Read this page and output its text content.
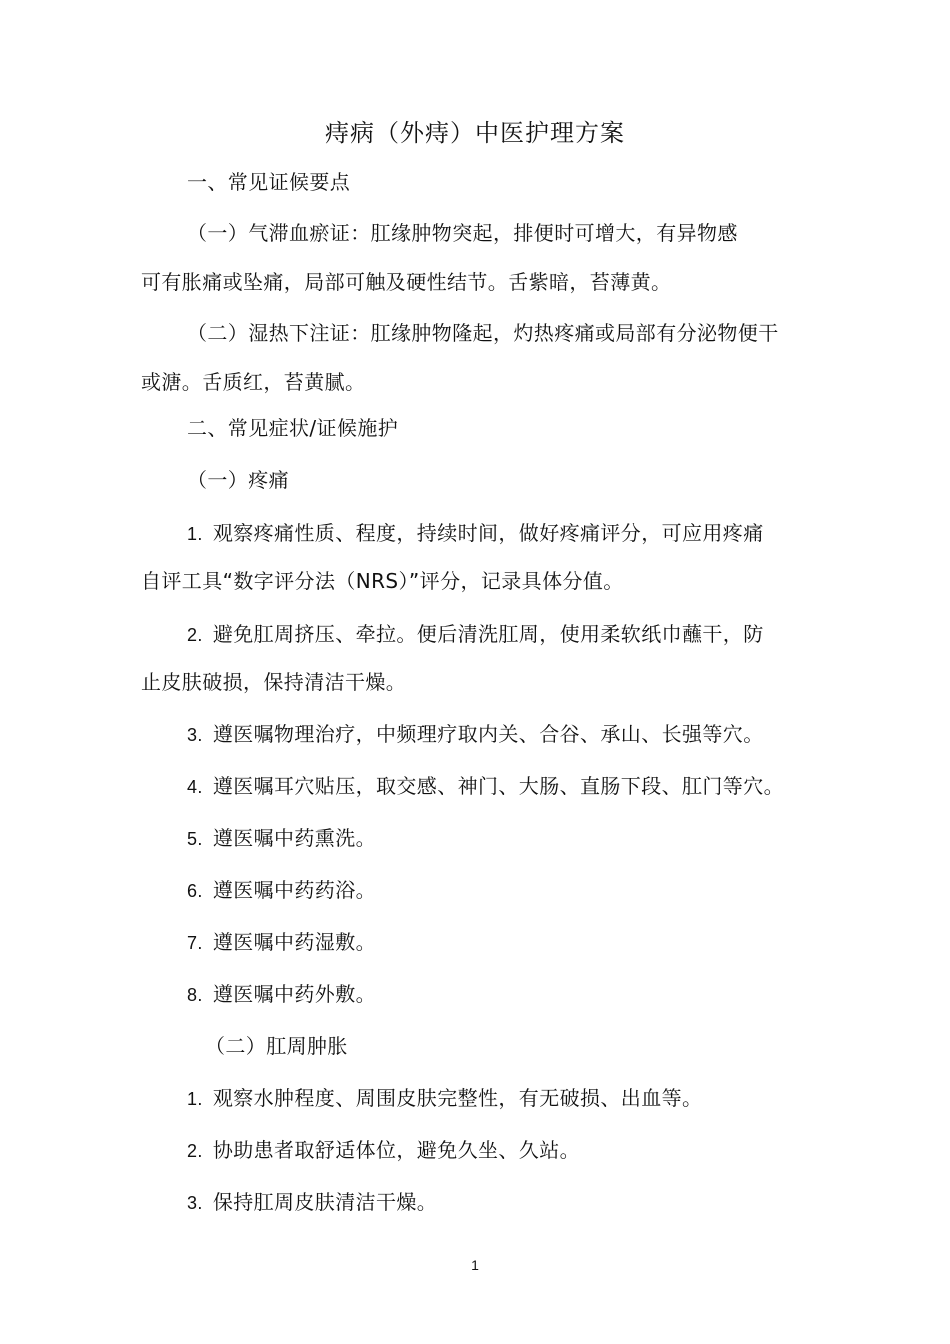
痔病（外痔）中医护理方案
一、常见证候要点
（一）气滞血瘀证：肛缘肿物突起，排便时可增大，有异物感
可有胀痛或坠痛，局部可触及硬性结节。舌紫暗，苔薄黄。
（二）湿热下注证：肛缘肿物隆起，灼热疼痛或局部有分泌物便干
或溏。舌质红，苔黄腻。
二、常见症状/证候施护
（一）疼痛
1. 观察疼痛性质、程度，持续时间，做好疼痛评分，可应用疼痛
自评工具“数字评分法（NRS）”评分，记录具体分值。
2. 避免肛周挤压、牵拉。便后清洗肛周，使用柔软纸巾蘸干，防
止皮肤破损，保持清洁干燥。
3. 遵医嘱物理治疗，中频理疗取内关、合谷、承山、长强等穴。
4. 遵医嘱耳穴贴压，取交感、神门、大肠、直肠下段、肛门等穴。
5. 遵医嘱中药熏洗。
6. 遵医嘱中药药浴。
7. 遵医嘱中药湿敷。
8. 遵医嘱中药外敷。
（二）肛周肿胀
1. 观察水肿程度、周围皮肤完整性，有无破损、出血等。
2. 协助患者取舒适体位，避免久坐、久站。
3. 保持肛周皮肤清洁干燥。
1
